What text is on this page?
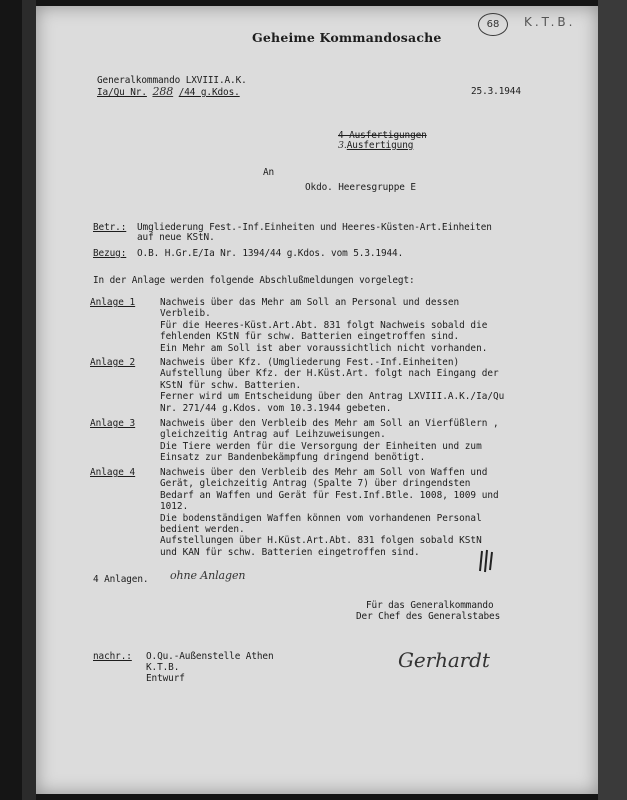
Geheime Kommandosache
68	K.T.B.
Generalkommando LXVIII.A.K.
Ia/Qu Nr. 288 /44 g.Kdos.	25.3.1944
4 Ausfertigungen
3.Ausfertigung
An
Okdo. Heeresgruppe E
Betr.: Umgliederung Fest.-Inf.Einheiten und Heeres-Küsten-Art.Einheiten
auf neue KStN.
Bezug: O.B. H.Gr.E/Ia Nr. 1394/44 g.Kdos. vom 5.3.1944.
In der Anlage werden folgende Abschlußmeldungen vorgelegt:
Anlage 1	Nachweis über das Mehr am Soll an Personal und dessen
Verbleib.
Für die Heeres-Küst.Art.Abt. 831 folgt Nachweis sobald die
fehlenden KStN für schw. Batterien eingetroffen sind.
Ein Mehr am Soll ist aber voraussichtlich nicht vorhanden.
Anlage 2	Nachweis über Kfz. (Umgliederung Fest.-Inf.Einheiten)
Aufstellung über Kfz. der H.Küst.Art. folgt nach Eingang der
KStN für schw. Batterien.
Ferner wird um Entscheidung über den Antrag LXVIII.A.K./Ia/Qu
Nr. 271/44 g.Kdos. vom 10.3.1944 gebeten.
Anlage 3	Nachweis über den Verbleib des Mehr am Soll an Vierfüßlern ,
gleichzeitig Antrag auf Leihzuweisungen.
Die Tiere werden für die Versorgung der Einheiten und zum
Einsatz zur Bandenbekämpfung dringend benötigt.
Anlage 4	Nachweis über den Verbleib des Mehr am Soll von Waffen und
Gerät, gleichzeitig Antrag (Spalte 7) über dringendsten
Bedarf an Waffen und Gerät für Fest.Inf.Btle. 1008, 1009 und
1012.
Die bodenständigen Waffen können vom vorhandenen Personal
bedient werden.
Aufstellungen über H.Küst.Art.Abt. 831 folgen sobald KStN
und KAN für schw. Batterien eingetroffen sind.
4 Anlagen. ohne Anlagen
Für das Generalkommando
Der Chef des Generalstabes
nachr.: O.Qu.-Außenstelle Athen
K.T.B.
Entwurf
Gerhardt
